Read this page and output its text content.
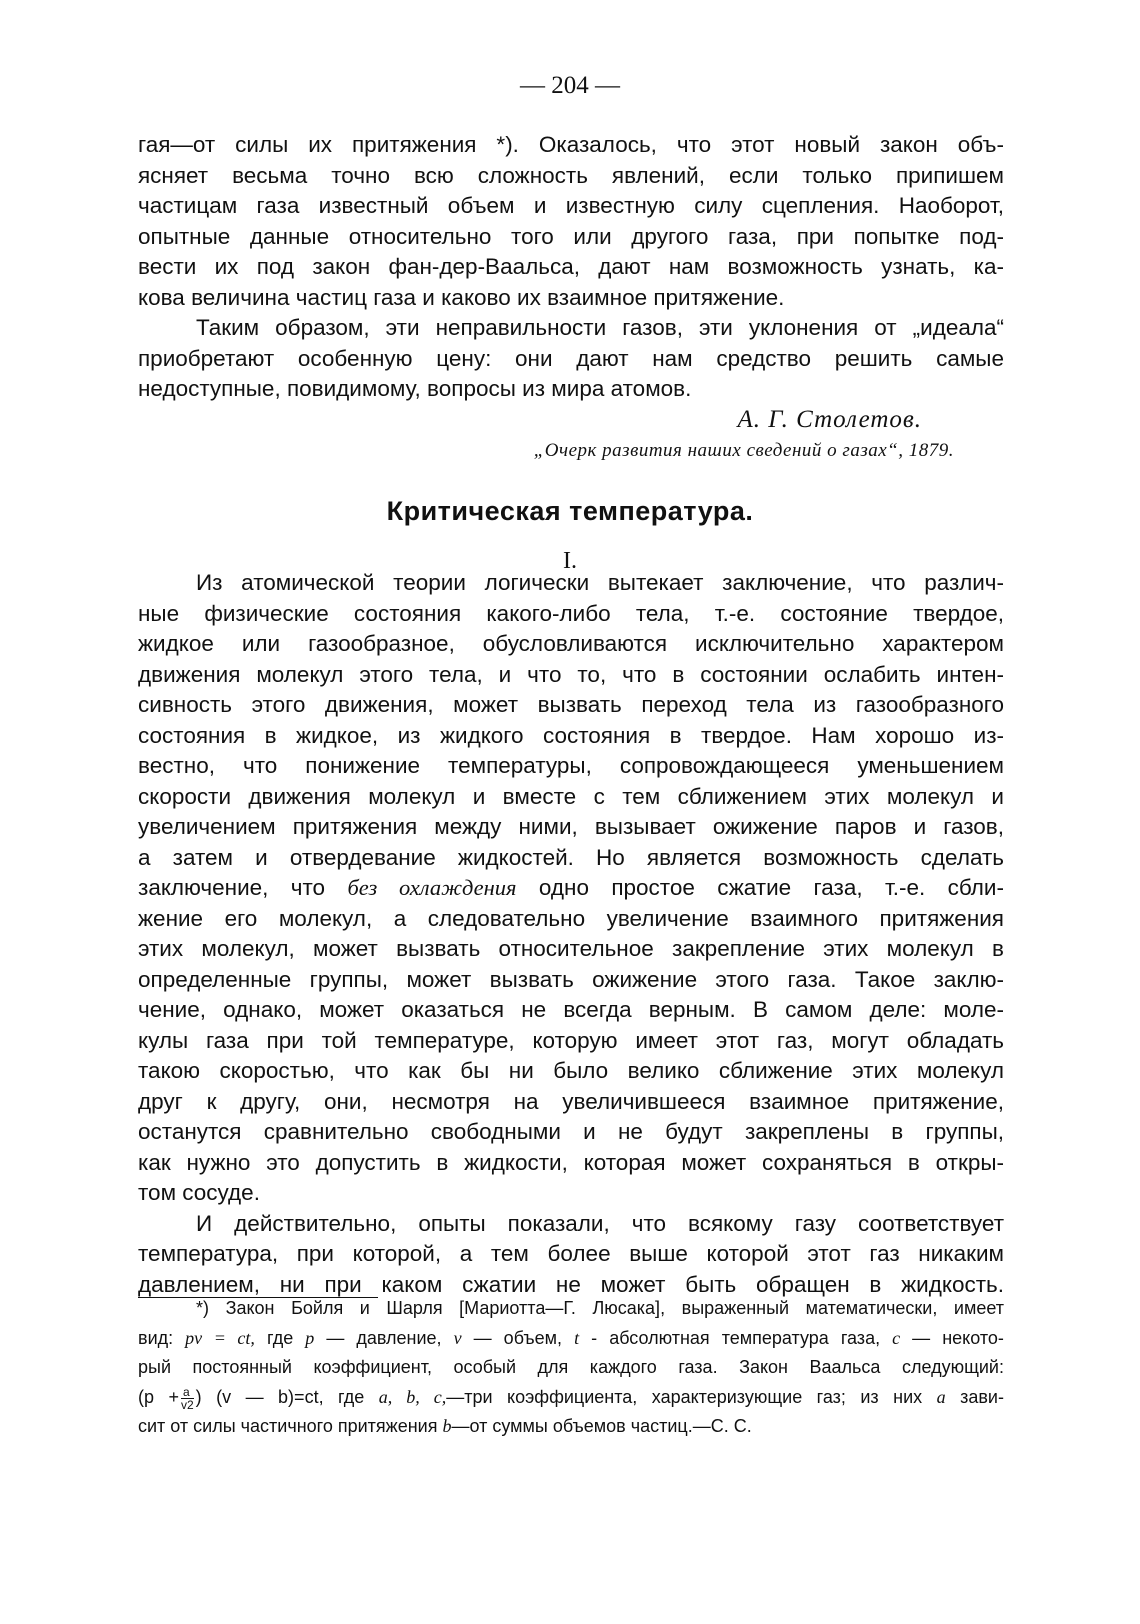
— 204 —
гая—от силы их притяжения *). Оказалось, что этот новый закон объ-
ясняет весьма точно всю сложность явлений, если только припишем
частицам газа известный объем и известную силу сцепления. Наоборот,
опытные данные относительно того или другого газа, при попытке под-
вести их под закон фан-дер-Ваальса, дают нам возможность узнать, ка-
кова величина частиц газа и каково их взаимное притяжение.
Таким образом, эти неправильности газов, эти уклонения от „идеала“
приобретают особенную цену: они дают нам средство решить самые
недоступные, повидимому, вопросы из мира атомов.
А. Г. Столетов.
„Очерк развития наших сведений о газах“, 1879.
Критическая температура.
I.
Из атомической теории логически вытекает заключение, что различ-
ные физические состояния какого-либо тела, т.-е. состояние твердое,
жидкое или газообразное, обусловливаются исключительно характером
движения молекул этого тела, и что то, что в состоянии ослабить интен-
сивность этого движения, может вызвать переход тела из газообразного
состояния в жидкое, из жидкого состояния в твердое. Нам хорошо из-
вестно, что понижение температуры, сопровождающееся уменьшением
скорости движения молекул и вместе с тем сближением этих молекул и
увеличением притяжения между ними, вызывает ожижение паров и газов,
а затем и отвердевание жидкостей. Но является возможность сделать
заключение, что без охлаждения одно простое сжатие газа, т.-е. сбли-
жение его молекул, а следовательно увеличение взаимного притяжения
этих молекул, может вызвать относительное закрепление этих молекул в
определенные группы, может вызвать ожижение этого газа. Такое заклю-
чение, однако, может оказаться не всегда верным. В самом деле: моле-
кулы газа при той температуре, которую имеет этот газ, могут обладать
такою скоростью, что как бы ни было велико сближение этих молекул
друг к другу, они, несмотря на увеличившееся взаимное притяжение,
останутся сравнительно свободными и не будут закреплены в группы,
как нужно это допустить в жидкости, которая может сохраняться в откры-
том сосуде.
И действительно, опыты показали, что всякому газу соответствует
температура, при которой, а тем более выше которой этот газ никаким
давлением, ни при каком сжатии не может быть обращен в жидкость.
*) Закон Бойля и Шарля [Мариотта—Г. Люсака], выраженный математически, имеет
вид: pv = ct, где p — давление, v — объем, t - абсолютная температура газа, c — некото-
рый постоянный коэффициент, особый для каждого газа. Закон Ваальса следующий:
($p + \frac{a}{v2}$ ) (v — b)=ct, где a, b, c,—три коэффициента, характеризующие газ; из них a зави-
сит от силы частичного притяжения b—от суммы объемов частиц.—С. С.
